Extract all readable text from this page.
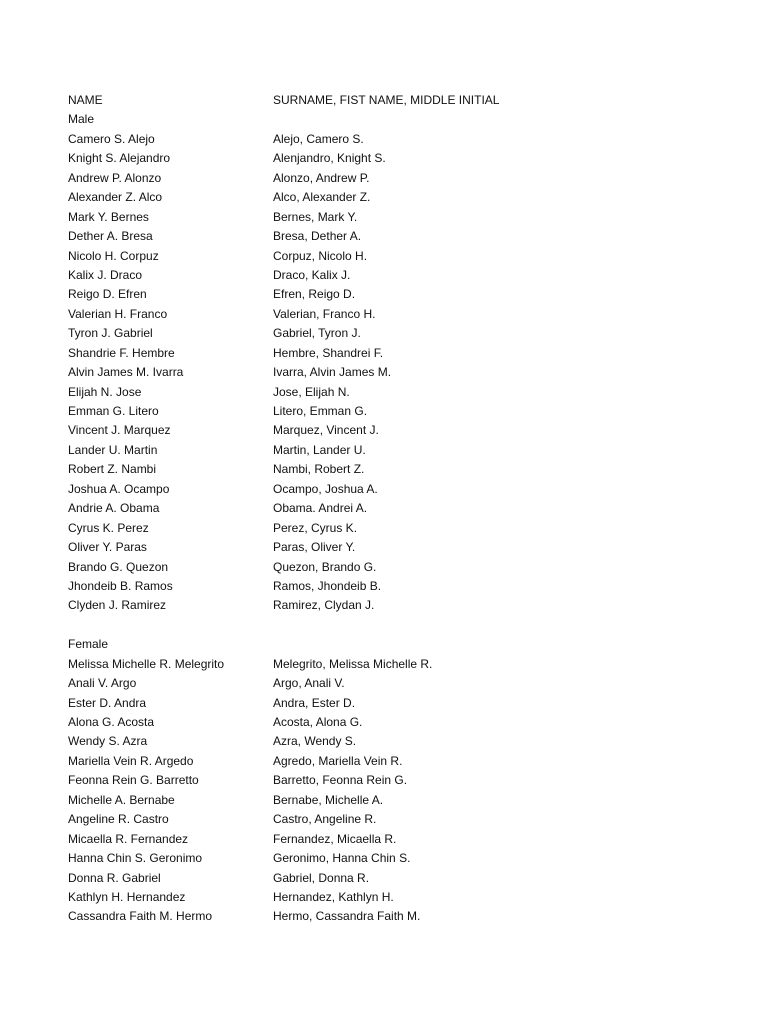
NAME	SURNAME, FIST NAME, MIDDLE INITIAL
Male
Camero S. Alejo	Alejo, Camero S.
Knight S. Alejandro	Alenjandro, Knight S.
Andrew P. Alonzo	Alonzo, Andrew P.
Alexander Z. Alco	Alco, Alexander Z.
Mark Y. Bernes	Bernes, Mark Y.
Dether A. Bresa	Bresa, Dether A.
Nicolo H. Corpuz	Corpuz, Nicolo H.
Kalix J. Draco	Draco, Kalix J.
Reigo D. Efren	Efren, Reigo D.
Valerian H. Franco	Valerian, Franco H.
Tyron J. Gabriel	Gabriel, Tyron J.
Shandrie F. Hembre	Hembre, Shandrei F.
Alvin James M. Ivarra	Ivarra, Alvin James M.
Elijah N. Jose	Jose, Elijah N.
Emman G. Litero	Litero, Emman G.
Vincent J. Marquez	Marquez, Vincent J.
Lander U. Martin	Martin, Lander U.
Robert Z. Nambi	Nambi, Robert Z.
Joshua A. Ocampo	Ocampo, Joshua A.
Andrie A. Obama	Obama. Andrei A.
Cyrus K. Perez	Perez, Cyrus K.
Oliver Y. Paras	Paras, Oliver Y.
Brando G. Quezon	Quezon, Brando G.
Jhondeib B. Ramos	Ramos, Jhondeib B.
Clyden J. Ramirez	Ramirez, Clydan J.
Female
Melissa Michelle R. Melegrito	Melegrito, Melissa Michelle R.
Anali V. Argo	Argo, Anali V.
Ester D. Andra	Andra, Ester D.
Alona G. Acosta	Acosta, Alona G.
Wendy S. Azra	Azra, Wendy S.
Mariella Vein R. Argedo	Agredo, Mariella Vein R.
Feonna Rein G. Barretto	Barretto, Feonna Rein G.
Michelle A. Bernabe	Bernabe, Michelle A.
Angeline R. Castro	Castro, Angeline R.
Micaella R. Fernandez	Fernandez, Micaella R.
Hanna Chin S. Geronimo	Geronimo, Hanna Chin S.
Donna R. Gabriel	Gabriel, Donna R.
Kathlyn H. Hernandez	Hernandez, Kathlyn H.
Cassandra Faith M. Hermo	Hermo, Cassandra Faith M.
